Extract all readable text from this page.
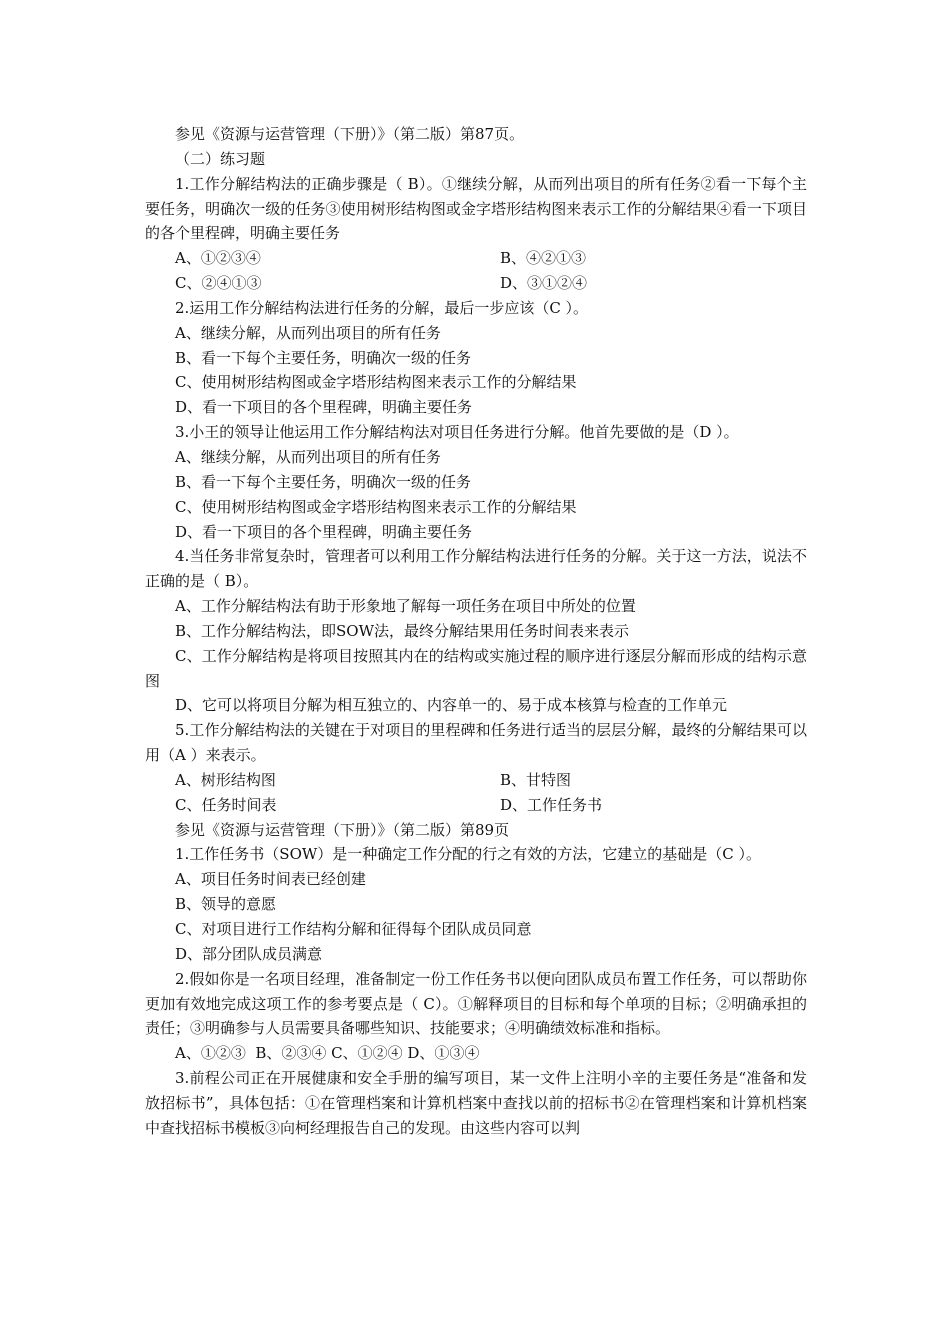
参见《资源与运营管理（下册）》（第二版）第87页。

（二）练习题

1.工作分解结构法的正确步骤是（ B）。①继续分解，从而列出项目的所有任务②看一下每个主要任务，明确次一级的任务③使用树形结构图或金字塔形结构图来表示工作的分解结果④看一下项目的各个里程碑，明确主要任务

A、①②③④	B、④②①③
C、②④①③	D、③①②④

2.运用工作分解结构法进行任务的分解，最后一步应该（C ）。

A、继续分解，从而列出项目的所有任务

B、看一下每个主要任务，明确次一级的任务

C、使用树形结构图或金字塔形结构图来表示工作的分解结果

D、看一下项目的各个里程碑，明确主要任务

3.小王的领导让他运用工作分解结构法对项目任务进行分解。他首先要做的是（D ）。

A、继续分解，从而列出项目的所有任务

B、看一下每个主要任务，明确次一级的任务

C、使用树形结构图或金字塔形结构图来表示工作的分解结果

D、看一下项目的各个里程碑，明确主要任务

4.当任务非常复杂时，管理者可以利用工作分解结构法进行任务的分解。关于这一方法，说法不正确的是（ B）。

A、工作分解结构法有助于形象地了解每一项任务在项目中所处的位置

B、工作分解结构法，即SOW法，最终分解结果用任务时间表来表示

C、工作分解结构是将项目按照其内在的结构或实施过程的顺序进行逐层分解而形成的结构示意图

D、它可以将项目分解为相互独立的、内容单一的、易于成本核算与检查的工作单元

5.工作分解结构法的关键在于对项目的里程碑和任务进行适当的层层分解，最终的分解结果可以用（A ）来表示。

A、树形结构图	B、甘特图
C、任务时间表	D、工作任务书

参见《资源与运营管理（下册）》（第二版）第89页

1.工作任务书（SOW）是一种确定工作分配的行之有效的方法，它建立的基础是（C ）。

A、项目任务时间表已经创建

B、领导的意愿

C、对项目进行工作结构分解和征得每个团队成员同意

D、部分团队成员满意

2.假如你是一名项目经理，准备制定一份工作任务书以便向团队成员布置工作任务，可以帮助你更加有效地完成这项工作的参考要点是（ C）。①解释项目的目标和每个单项的目标；②明确承担的责任；③明确参与人员需要具备哪些知识、技能要求；④明确绩效标准和指标。

A、①②③  B、②③④ C、①②④ D、①③④

3.前程公司正在开展健康和安全手册的编写项目，某一文件上注明小辛的主要任务是“准备和发放招标书”，具体包括：①在管理档案和计算机档案中查找以前的招标书②在管理档案和计算机档案中查找招标书模板③向柯经理报告自己的发现。由这些内容可以判
